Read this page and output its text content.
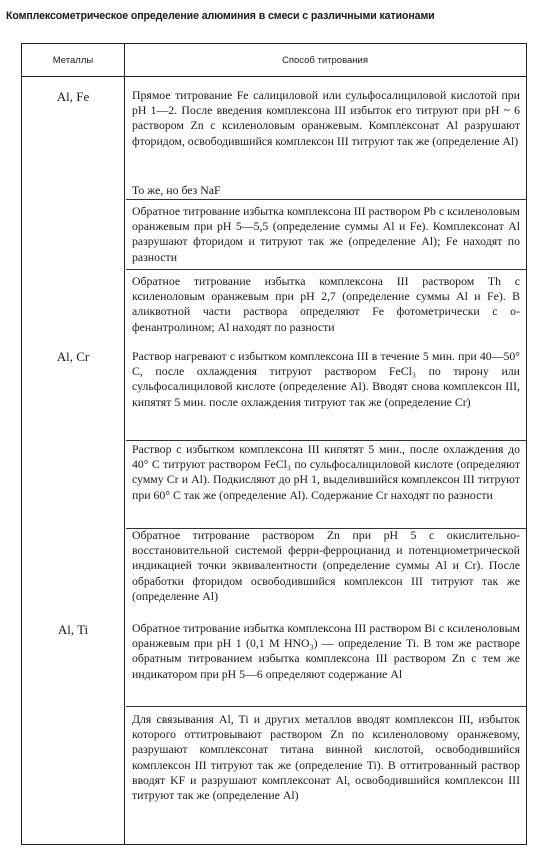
Комплексометрическое определение алюминия в смеси с различными катионами
Металлы	Способ титрования
Al, Fe	Прямое титрование Fe салициловой или сульфосалициловой кислотой при pH 1—2. После введения комплексона III избыток его титруют при pH ~ 6 раствором Zn с ксиленоловым оранжевым. Комплексонат Al разрушают фторидом, освободившийся комплексон III титруют так же (определение Al)
То же, но без NaF
Обратное титрование избытка комплексона III раствором Pb с ксиленоловым оранжевым при pH 5—5,5 (определение суммы Al и Fe). Комплексонат Al разрушают фторидом и титруют так же (определение Al); Fe находят по разности
Обратное титрование избытка комплексона III раствором Th с ксиленоловым оранжевым при pH 2,7 (определение суммы Al и Fe). В аликвотной части раствора определяют Fe фотометрически с о-фенантролином; Al находят по разности
Al, Cr	Раствор нагревают с избытком комплексона III в течение 5 мин. при 40—50° С, после охлаждения титруют раствором FeCl₃ по тирону или сульфосалициловой кислоте (определение Al). Вводят снова комплексон III, кипятят 5 мин. после охлаждения титруют так же (определение Cr)
Раствор с избытком комплексона III кипятят 5 мин., после охлаждения до 40° С титруют раствором FeCl₃ по сульфосалициловой кислоте (определяют сумму Cr и Al). Подкисляют до pH 1, выделившийся комплексон III титруют при 60° С так же (определение Al). Содержание Cr находят по разности
Обратное титрование раствором Zn при pH 5 с окислительно-восстановительной системой ферри-ферроцианид и потенциометрической индикацией точки эквивалентности (определение суммы Al и Cr). После обработки фторидом освободившийся комплексон III титруют так же (определение Al)
Al, Ti	Обратное титрование избытка комплексона III раствором Bi с ксиленоловым оранжевым при pH 1 (0,1 M HNO₃) — определение Ti. В том же растворе обратным титрованием избытка комплексона III раствором Zn с тем же индикатором при pH 5—6 определяют содержание Al
Для связывания Al, Ti и других металлов вводят комплексон III, избыток которого оттитровывают раствором Zn по ксиленоловому оранжевому, разрушают комплексонат титана винной кислотой, освободившийся комплексон III титруют так же (определение Ti). В оттитрованный раствор вводят KF и разрушают комплексонат Al, освободившийся комплексон III титруют так же (определение Al)
